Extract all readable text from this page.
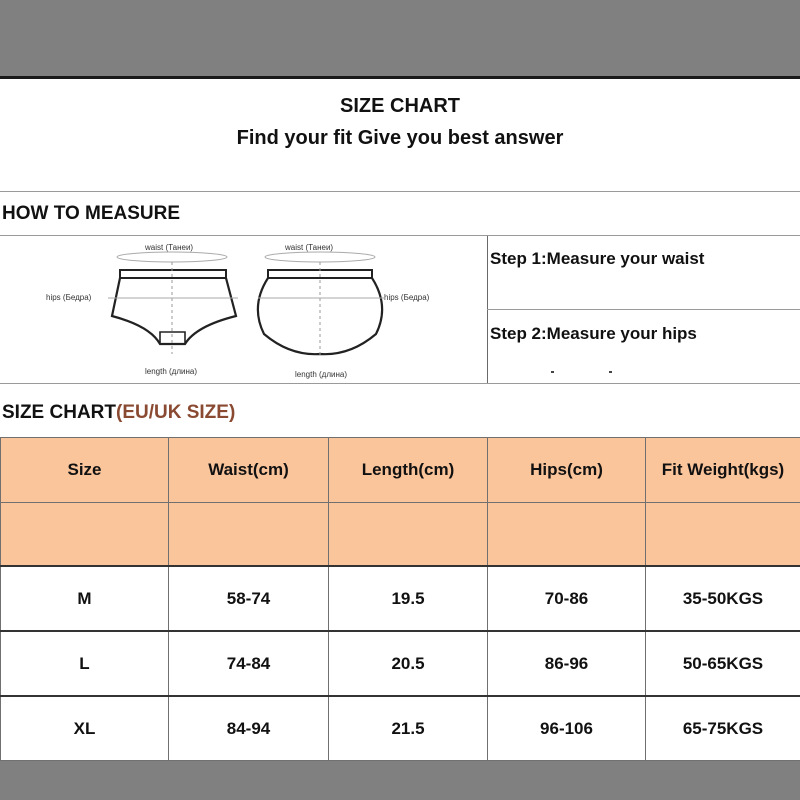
SIZE CHART
Find your fit Give you best answer
HOW TO MEASURE
waist (Танеи)	waist (Танеи)
hips (Бедра)	hips (Бедра)
length (длина)	length (длина)
Step 1:Measure your waist
Step 2:Measure your hips
SIZE CHART(EU/UK SIZE)
Size	Waist(cm)	Length(cm)	Hips(cm)	Fit Weight(kgs)

M	58-74	19.5	70-86	35-50KGS
L	74-84	20.5	86-96	50-65KGS
XL	84-94	21.5	96-106	65-75KGS
